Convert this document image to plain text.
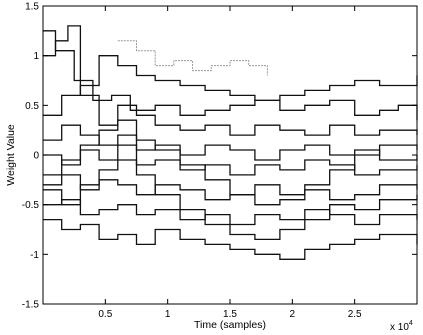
0.5	1	1.5	2	2.5
-1.5
-1
-0.5
0
0.5
1
1.5
Time (samples)
Weight Value
x $10^4$
